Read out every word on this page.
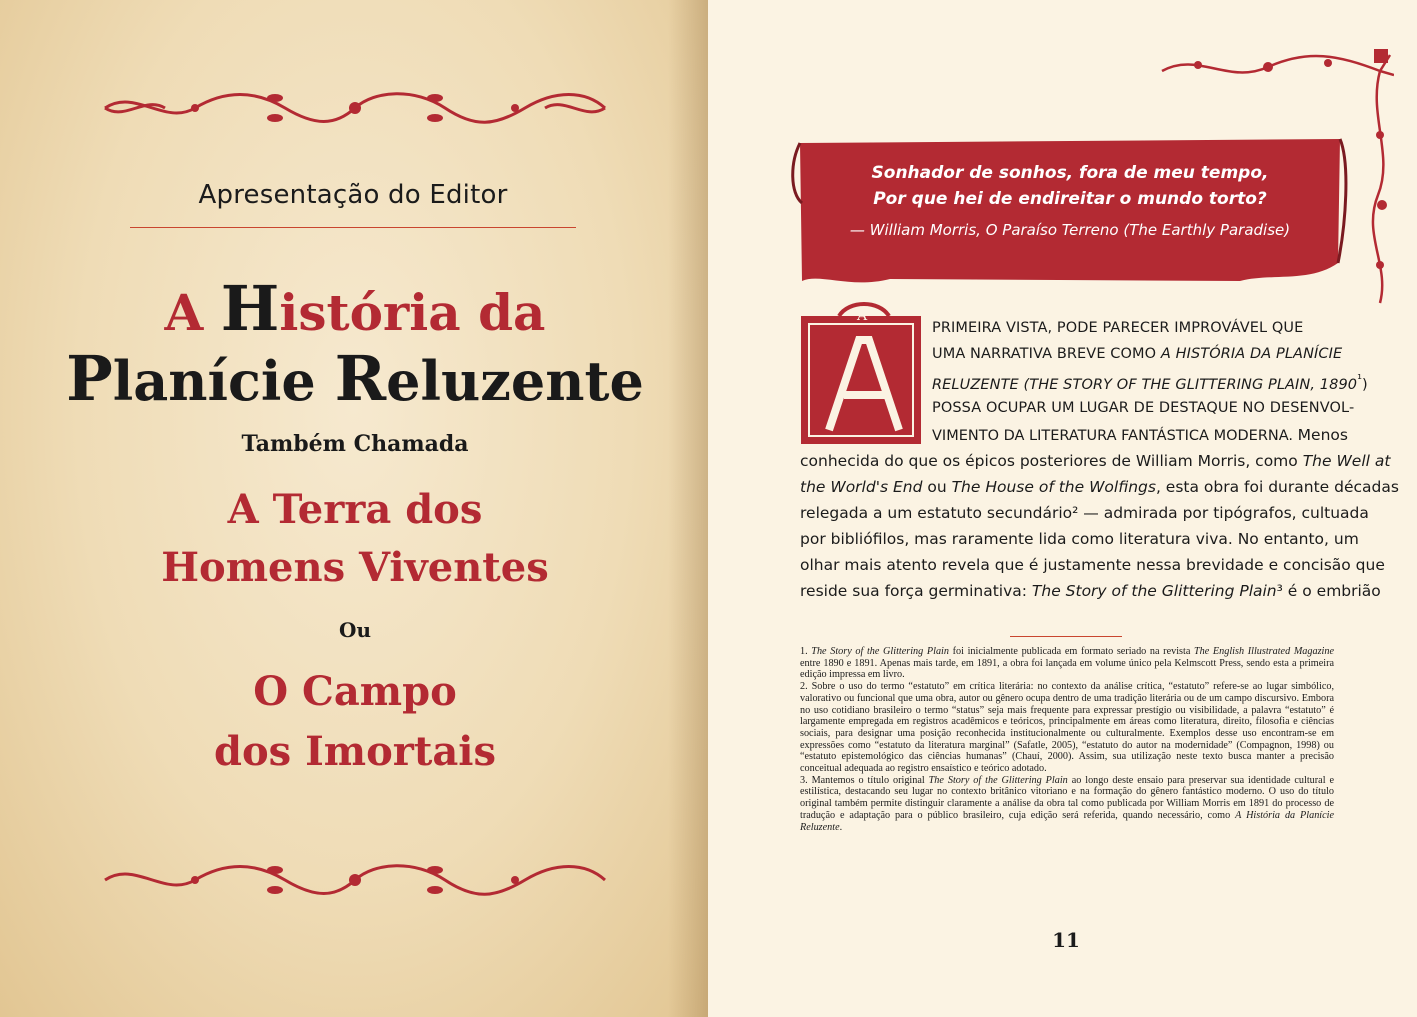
Apresentação do Editor
A História da
Planície Reluzente
Também Chamada
A Terra dos
Homens Viventes
Ou
O Campo
dos Imortais
Sonhador de sonhos, fora de meu tempo,
Por que hei de endireitar o mundo torto?
— William Morris, O Paraíso Terreno (The Earthly Paradise)
À
PRIMEIRA VISTA, PODE PARECER IMPROVÁVEL QUE
UMA NARRATIVA BREVE COMO A HISTÓRIA DA PLANÍCIE
RELUZENTE (THE STORY OF THE GLITTERING PLAIN, $1890^{^1}$)
POSSA OCUPAR UM LUGAR DE DESTAQUE NO DESENVOL-
VIMENTO DA LITERATURA FANTÁSTICA MODERNA. Menos
conhecida do que os épicos posteriores de William Morris, como The Well at
the World's End ou The House of the Wolfings, esta obra foi durante décadas
relegada a um estatuto secundário² — admirada por tipógrafos, cultuada
por bibliófilos, mas raramente lida como literatura viva. No entanto, um
olhar mais atento revela que é justamente nessa brevidade e concisão que
reside sua força germinativa: The Story of the Glittering Plain³ é o embrião

1. The Story of the Glittering Plain foi inicialmente publicada em formato seriado na revista The English Illustrated Magazine entre 1890 e 1891. Apenas mais tarde, em 1891, a obra foi lançada em volume único pela Kelmscott Press, sendo esta a primeira edição impressa em livro.

2. Sobre o uso do termo “estatuto” em crítica literária: no contexto da análise crítica, “estatuto” refere-se ao lugar simbólico, valorativo ou funcional que uma obra, autor ou gênero ocupa dentro de uma tradição literária ou de um campo discursivo. Embora no uso cotidiano brasileiro o termo “status” seja mais frequente para expressar prestígio ou visibilidade, a palavra “estatuto” é largamente empregada em registros acadêmicos e teóricos, principalmente em áreas como literatura, direito, filosofia e ciências sociais, para designar uma posição reconhecida institucionalmente ou culturalmente. Exemplos desse uso encontram-se em expressões como “estatuto da literatura marginal” (Safatle, 2005), “estatuto do autor na modernidade” (Compagnon, 1998) ou “estatuto epistemológico das ciências humanas” (Chauí, 2000). Assim, sua utilização neste texto busca manter a precisão conceitual adequada ao registro ensaístico e teórico adotado.

3. Mantemos o título original The Story of the Glittering Plain ao longo deste ensaio para preservar sua identidade cultural e estilística, destacando seu lugar no contexto britânico vitoriano e na formação do gênero fantástico moderno. O uso do título original também permite distinguir claramente a análise da obra tal como publicada por William Morris em 1891 do processo de tradução e adaptação para o público brasileiro, cuja edição será referida, quando necessário, como A História da Planície Reluzente.

11
